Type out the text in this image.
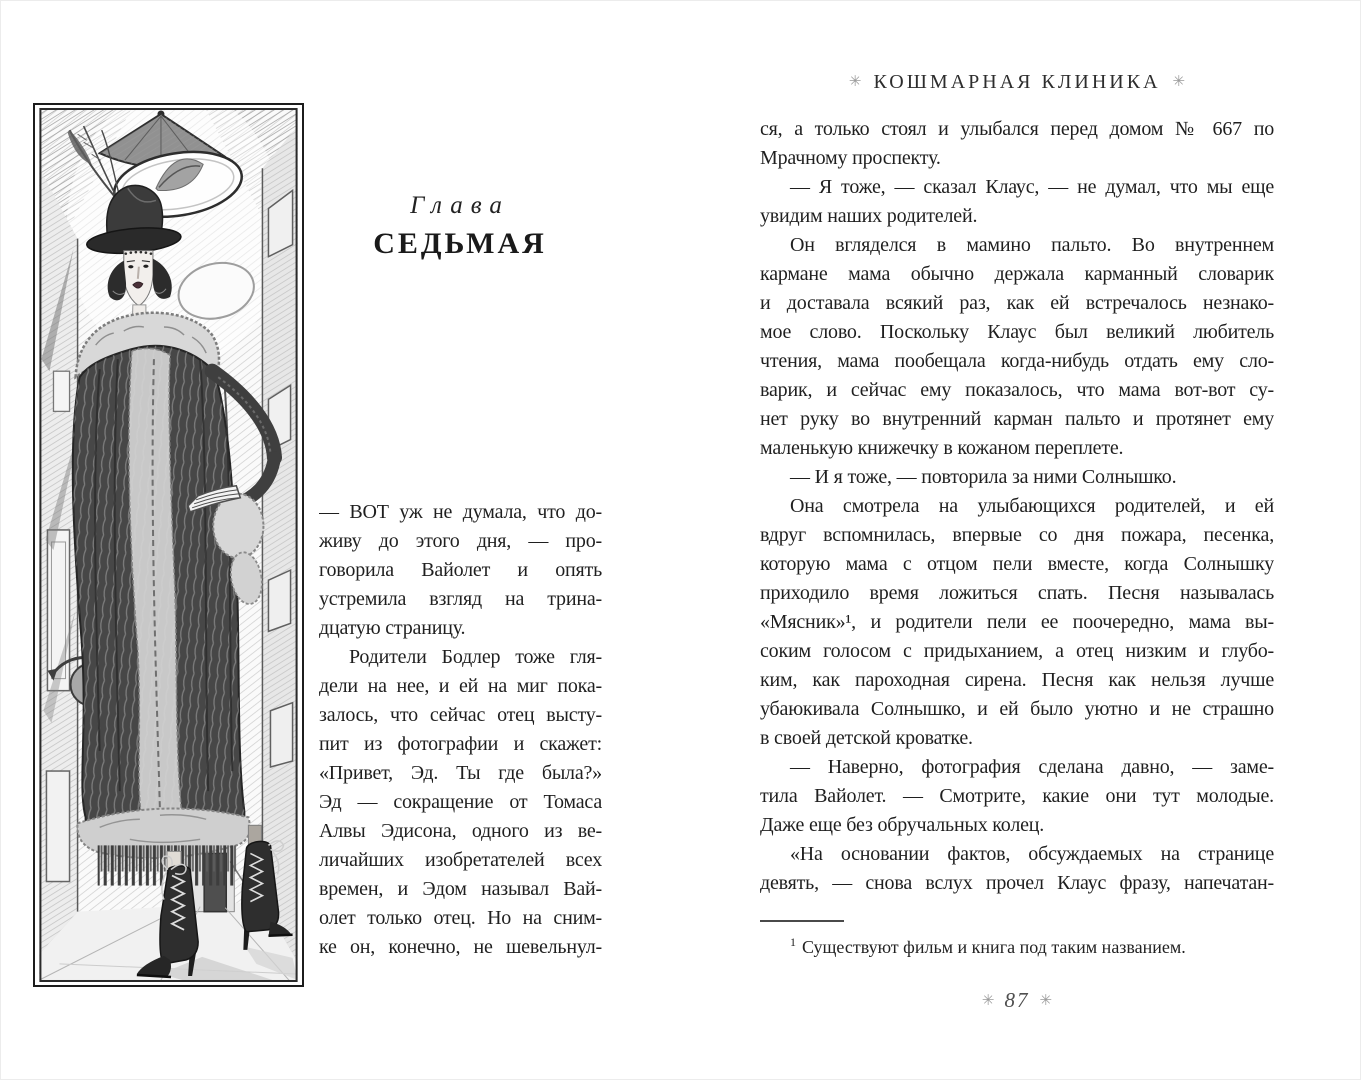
Глава
СЕДЬМАЯ
— ВОТ уж не думала, что до-
живу до этого дня, — про-
говорила Вайолет и опять
устремила взгляд на трина-
дцатую страницу.
Родители Бодлер тоже гля-
дели на нее, и ей на миг пока-
залось, что сейчас отец высту-
пит из фотографии и скажет:
«Привет, Эд. Ты где была?»
Эд — сокращение от Томаса
Алвы Эдисона, одного из ве-
личайших изобретателей всех
времен, и Эдом называл Вай-
олет только отец. Но на сним-
ке он, конечно, не шевельнул-
✳ КОШМАРНАЯ КЛИНИКА ✳
ся, а только стоял и улыбался перед домом № 667 по
Мрачному проспекту.
— Я тоже, — сказал Клаус, — не думал, что мы еще
увидим наших родителей.
Он вгляделся в мамино пальто. Во внутреннем
кармане мама обычно держала карманный словарик
и доставала всякий раз, как ей встречалось незнако-
мое слово. Поскольку Клаус был великий любитель
чтения, мама пообещала когда-нибудь отдать ему сло-
варик, и сейчас ему показалось, что мама вот-вот су-
нет руку во внутренний карман пальто и протянет ему
маленькую книжечку в кожаном переплете.
— И я тоже, — повторила за ними Солнышко.
Она смотрела на улыбающихся родителей, и ей
вдруг вспомнилась, впервые со дня пожара, песенка,
которую мама с отцом пели вместе, когда Солнышку
приходило время ложиться спать. Песня называлась
«Мясник»¹, и родители пели ее поочередно, мама вы-
соким голосом с придыханием, а отец низким и глубо-
ким, как пароходная сирена. Песня как нельзя лучше
убаюкивала Солнышко, и ей было уютно и не страшно
в своей детской кроватке.
— Наверно, фотография сделана давно, — заме-
тила Вайолет. — Смотрите, какие они тут молодые.
Даже еще без обручальных колец.
«На основании фактов, обсуждаемых на странице
девять, — снова вслух прочел Клаус фразу, напечатан-
$^1$ Существуют фильм и книга под таким названием.
✳ 87 ✳
